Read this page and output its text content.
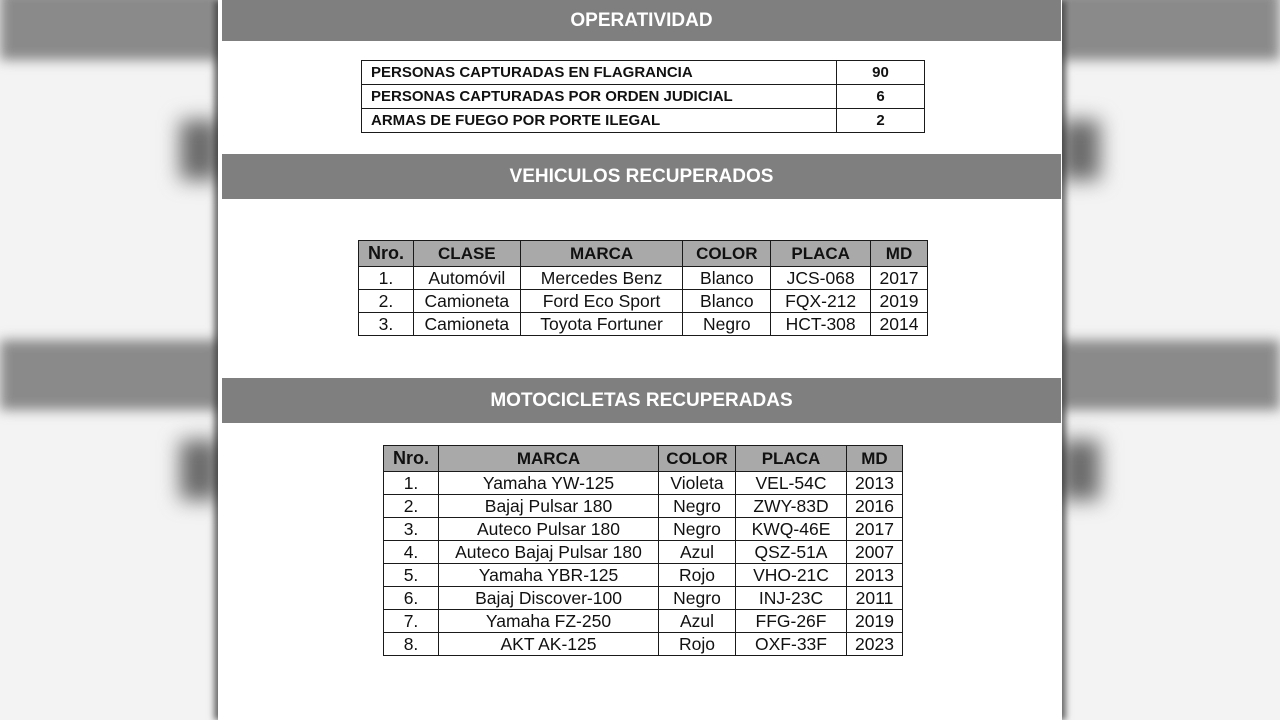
OPERATIVIDAD
PERSONAS CAPTURADAS EN FLAGRANCIA	90
PERSONAS CAPTURADAS POR ORDEN JUDICIAL	6
ARMAS DE FUEGO POR PORTE ILEGAL	2
VEHICULOS RECUPERADOS
Nro.	CLASE	MARCA	COLOR	PLACA	MD
1.	Automóvil	Mercedes Benz	Blanco	JCS-068	2017
2.	Camioneta	Ford Eco Sport	Blanco	FQX-212	2019
3.	Camioneta	Toyota Fortuner	Negro	HCT-308	2014
MOTOCICLETAS RECUPERADAS
Nro.	MARCA	COLOR	PLACA	MD
1.	Yamaha YW-125	Violeta	VEL-54C	2013
2.	Bajaj Pulsar 180	Negro	ZWY-83D	2016
3.	Auteco Pulsar 180	Negro	KWQ-46E	2017
4.	Auteco Bajaj Pulsar 180	Azul	QSZ-51A	2007
5.	Yamaha YBR-125	Rojo	VHO-21C	2013
6.	Bajaj Discover-100	Negro	INJ-23C	2011
7.	Yamaha FZ-250	Azul	FFG-26F	2019
8.	AKT AK-125	Rojo	OXF-33F	2023
